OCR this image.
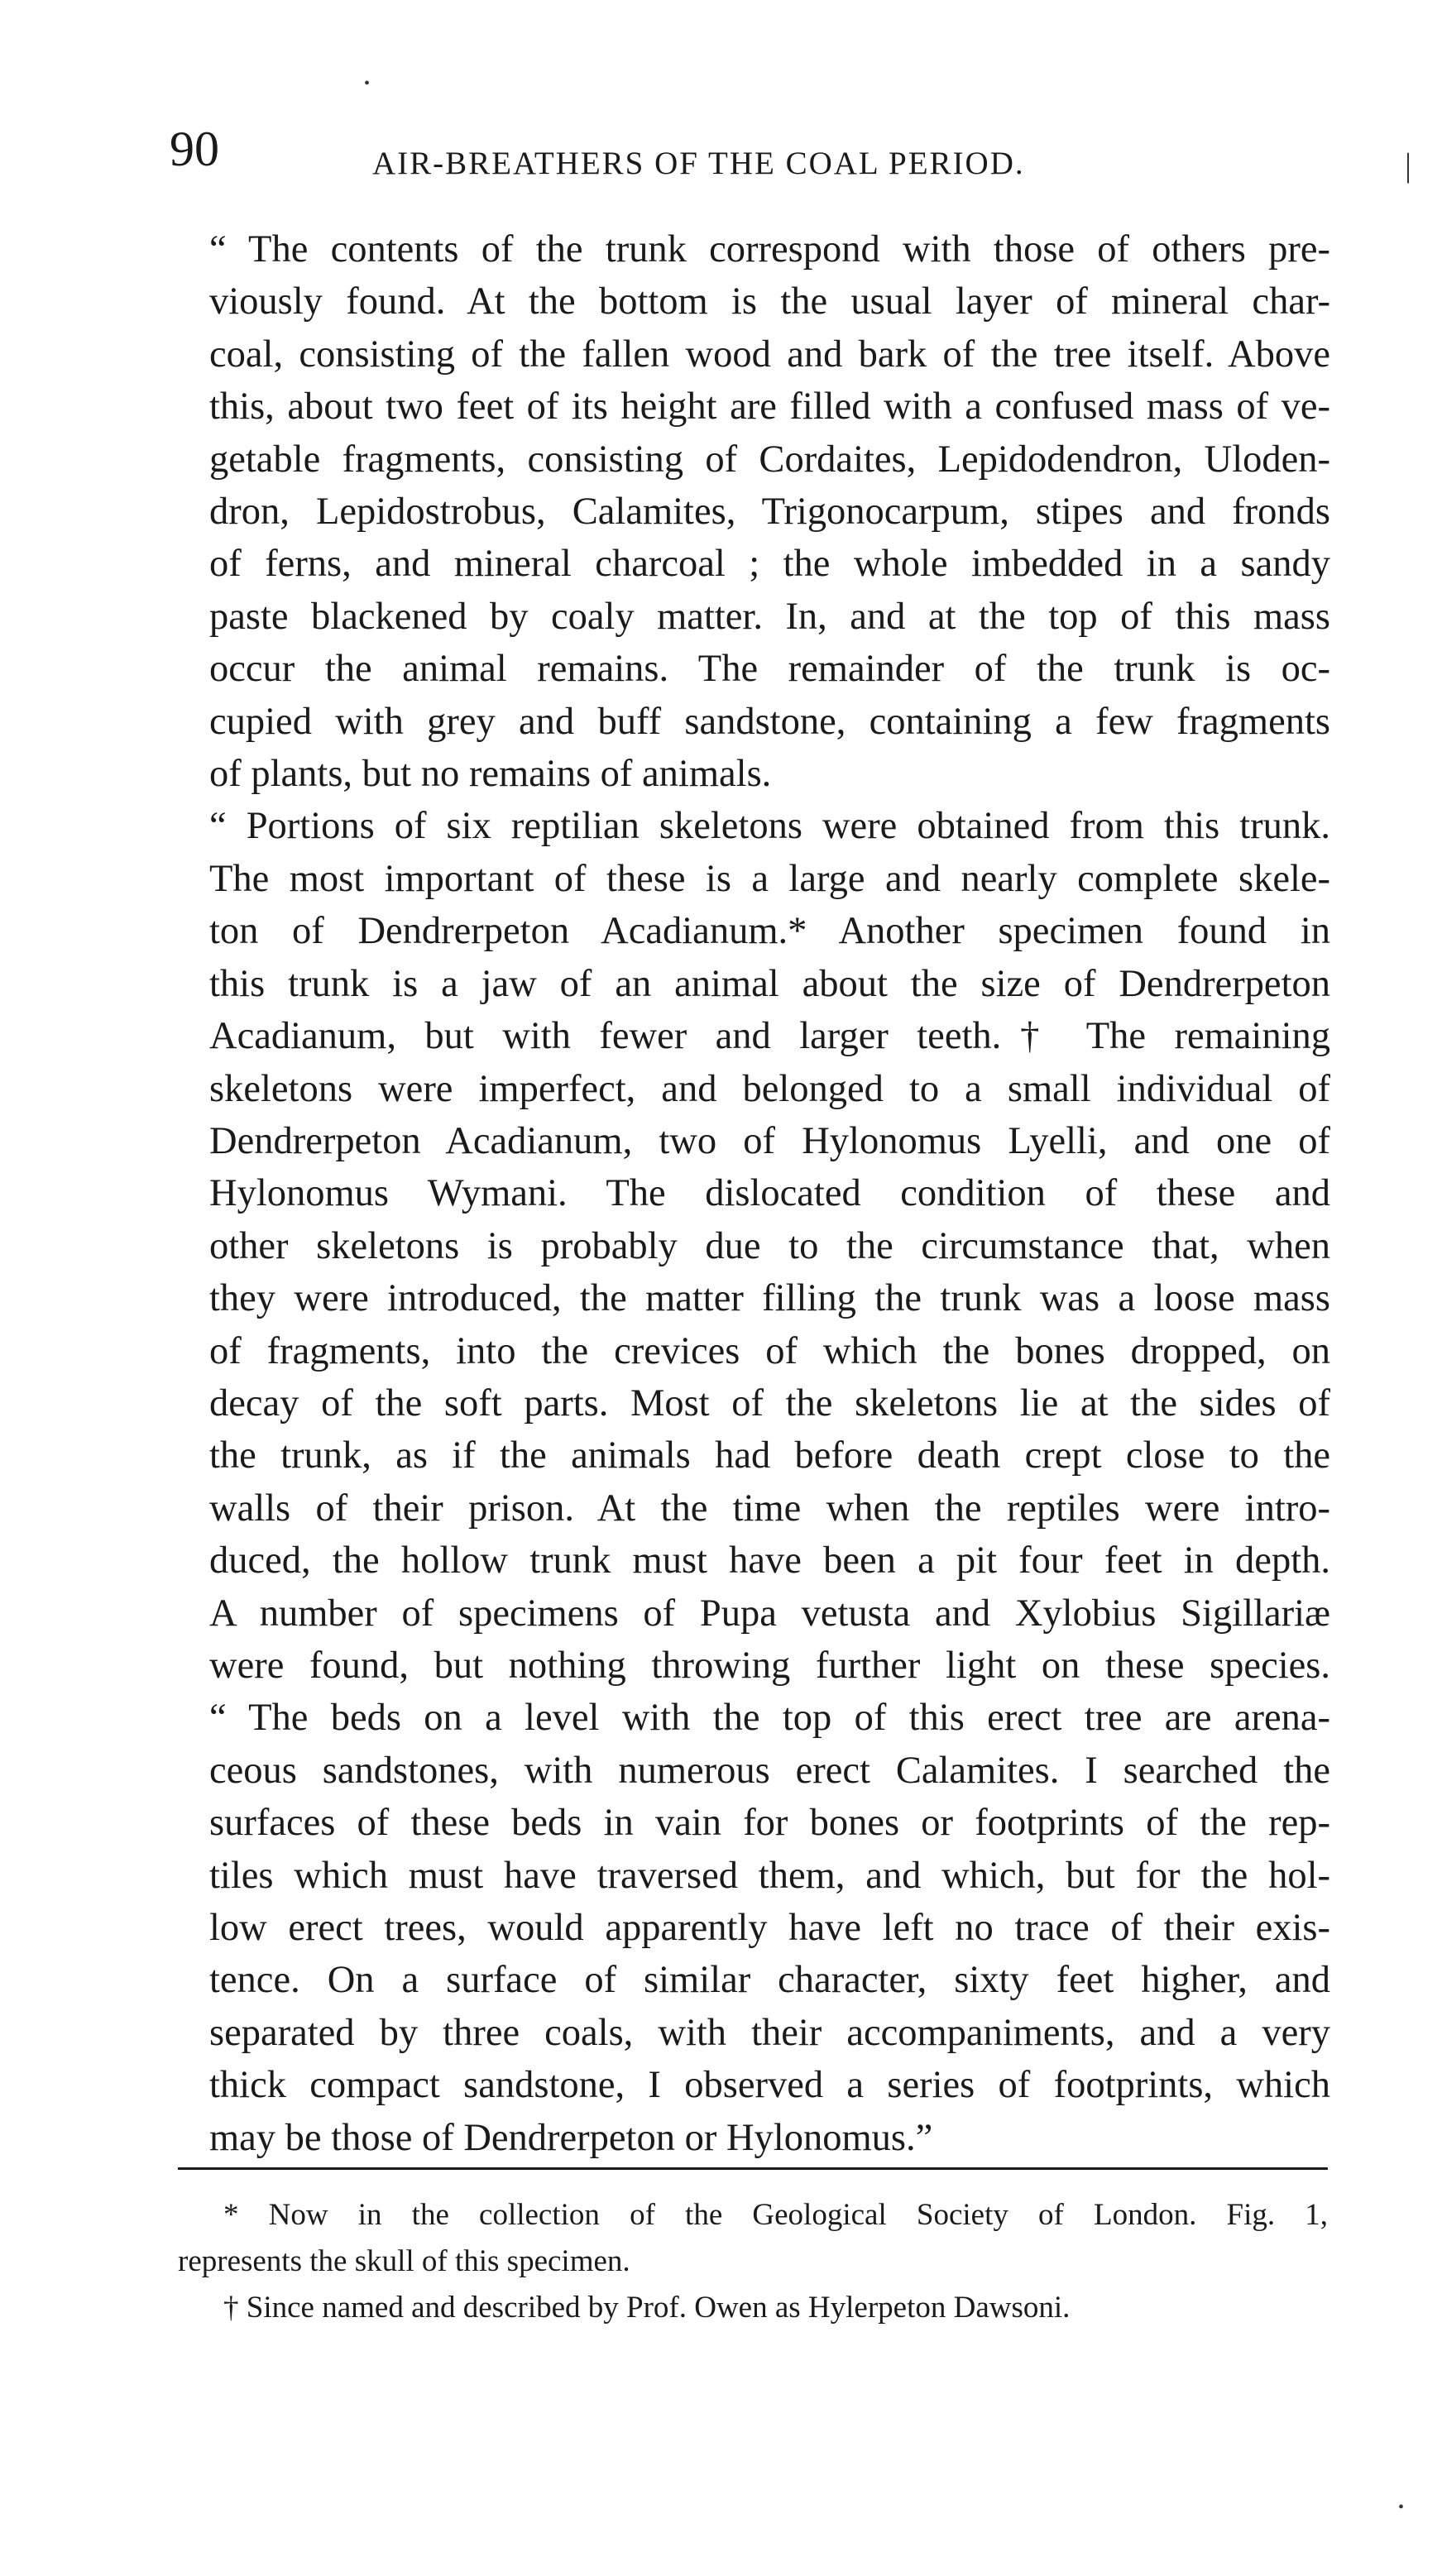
•
|
•
90	AIR-BREATHERS OF THE COAL PERIOD.

“ The contents of the trunk correspond with those of others pre-
viously found. At the bottom is the usual layer of mineral char-
coal, consisting of the fallen wood and bark of the tree itself. Above
this, about two feet of its height are filled with a confused mass of ve-
getable fragments, consisting of Cordaites, Lepidodendron, Uloden-
dron, Lepidostrobus, Calamites, Trigonocarpum, stipes and fronds
of ferns, and mineral charcoal ; the whole imbedded in a sandy
paste blackened by coaly matter. In, and at the top of this mass
occur the animal remains. The remainder of the trunk is oc-
cupied with grey and buff sandstone, containing a few fragments
of plants, but no remains of animals.

“ Portions of six reptilian skeletons were obtained from this trunk.
The most important of these is a large and nearly complete skele-
ton of Dendrerpeton Acadianum.* Another specimen found in
this trunk is a jaw of an animal about the size of Dendrerpeton
Acadianum, but with fewer and larger teeth.† The remaining
skeletons were imperfect, and belonged to a small individual of
Dendrerpeton Acadianum, two of Hylonomus Lyelli, and one of
Hylonomus Wymani. The dislocated condition of these and
other skeletons is probably due to the circumstance that, when
they were introduced, the matter filling the trunk was a loose mass
of fragments, into the crevices of which the bones dropped, on
decay of the soft parts. Most of the skeletons lie at the sides of
the trunk, as if the animals had before death crept close to the
walls of their prison. At the time when the reptiles were intro-
duced, the hollow trunk must have been a pit four feet in depth.
A number of specimens of Pupa vetusta and Xylobius Sigillariæ
were found, but nothing throwing further light on these species.

“ The beds on a level with the top of this erect tree are arena-
ceous sandstones, with numerous erect Calamites. I searched the
surfaces of these beds in vain for bones or footprints of the rep-
tiles which must have traversed them, and which, but for the hol-
low erect trees, would apparently have left no trace of their exis-
tence. On a surface of similar character, sixty feet higher, and
separated by three coals, with their accompaniments, and a very
thick compact sandstone, I observed a series of footprints, which
may be those of Dendrerpeton or Hylonomus.”

* Now in the collection of the Geological Society of London. Fig. 1,
represents the skull of this specimen.

† Since named and described by Prof. Owen as Hylerpeton Dawsoni.
